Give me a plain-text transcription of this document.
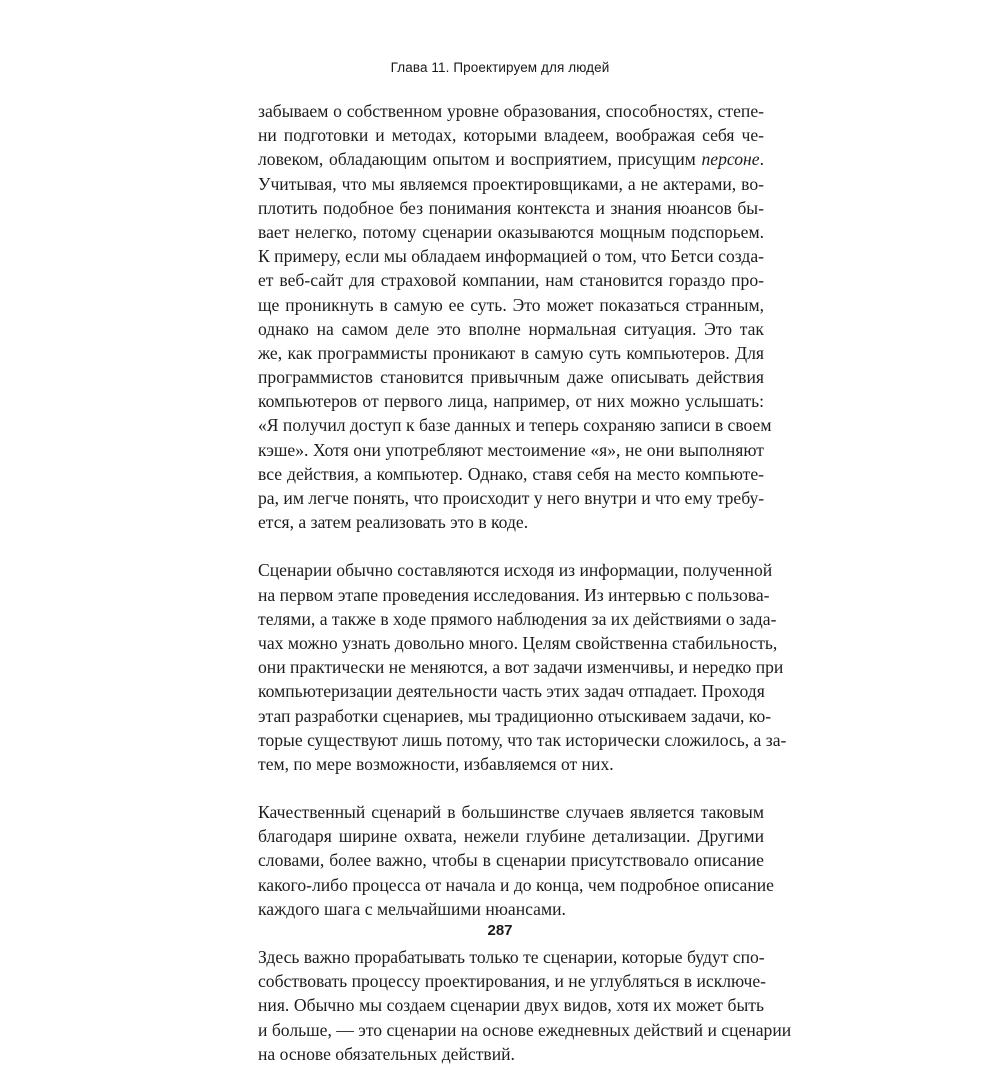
Глава 11. Проектируем для людей
забываем о собственном уровне образования, способностях, степе-
ни подготовки и методах, которыми владеем, воображая себя че-
ловеком, обладающим опытом и восприятием, присущим персоне.
Учитывая, что мы являемся проектировщиками, а не актерами, во-
плотить подобное без понимания контекста и знания нюансов бы-
вает нелегко, потому сценарии оказываются мощным подспорьем.
К примеру, если мы обладаем информацией о том, что Бетси созда-
ет веб-сайт для страховой компании, нам становится гораздо про-
ще проникнуть в самую ее суть. Это может показаться странным,
однако на самом деле это вполне нормальная ситуация. Это так
же, как программисты проникают в самую суть компьютеров. Для
программистов становится привычным даже описывать действия
компьютеров от первого лица, например, от них можно услышать:
«Я получил доступ к базе данных и теперь сохраняю записи в своем
кэше». Хотя они употребляют местоимение «я», не они выполняют
все действия, а компьютер. Однако, ставя себя на место компьюте-
ра, им легче понять, что происходит у него внутри и что ему требу-
ется, а затем реализовать это в коде.
Сценарии обычно составляются исходя из информации, полученной
на первом этапе проведения исследования. Из интервью с пользова-
телями, а также в ходе прямого наблюдения за их действиями о зада-
чах можно узнать довольно много. Целям свойственна стабильность,
они практически не меняются, а вот задачи изменчивы, и нередко при
компьютеризации деятельности часть этих задач отпадает. Проходя
этап разработки сценариев, мы традиционно отыскиваем задачи, ко-
торые существуют лишь потому, что так исторически сложилось, а за-
тем, по мере возможности, избавляемся от них.
Качественный сценарий в большинстве случаев является таковым
благодаря ширине охвата, нежели глубине детализации. Другими
словами, более важно, чтобы в сценарии присутствовало описание
какого-либо процесса от начала и до конца, чем подробное описание
каждого шага с мельчайшими нюансами.
Здесь важно прорабатывать только те сценарии, которые будут спо-
собствовать процессу проектирования, и не углубляться в исключе-
ния. Обычно мы создаем сценарии двух видов, хотя их может быть
и больше, — это сценарии на основе ежедневных действий и сценарии
на основе обязательных действий.
287
